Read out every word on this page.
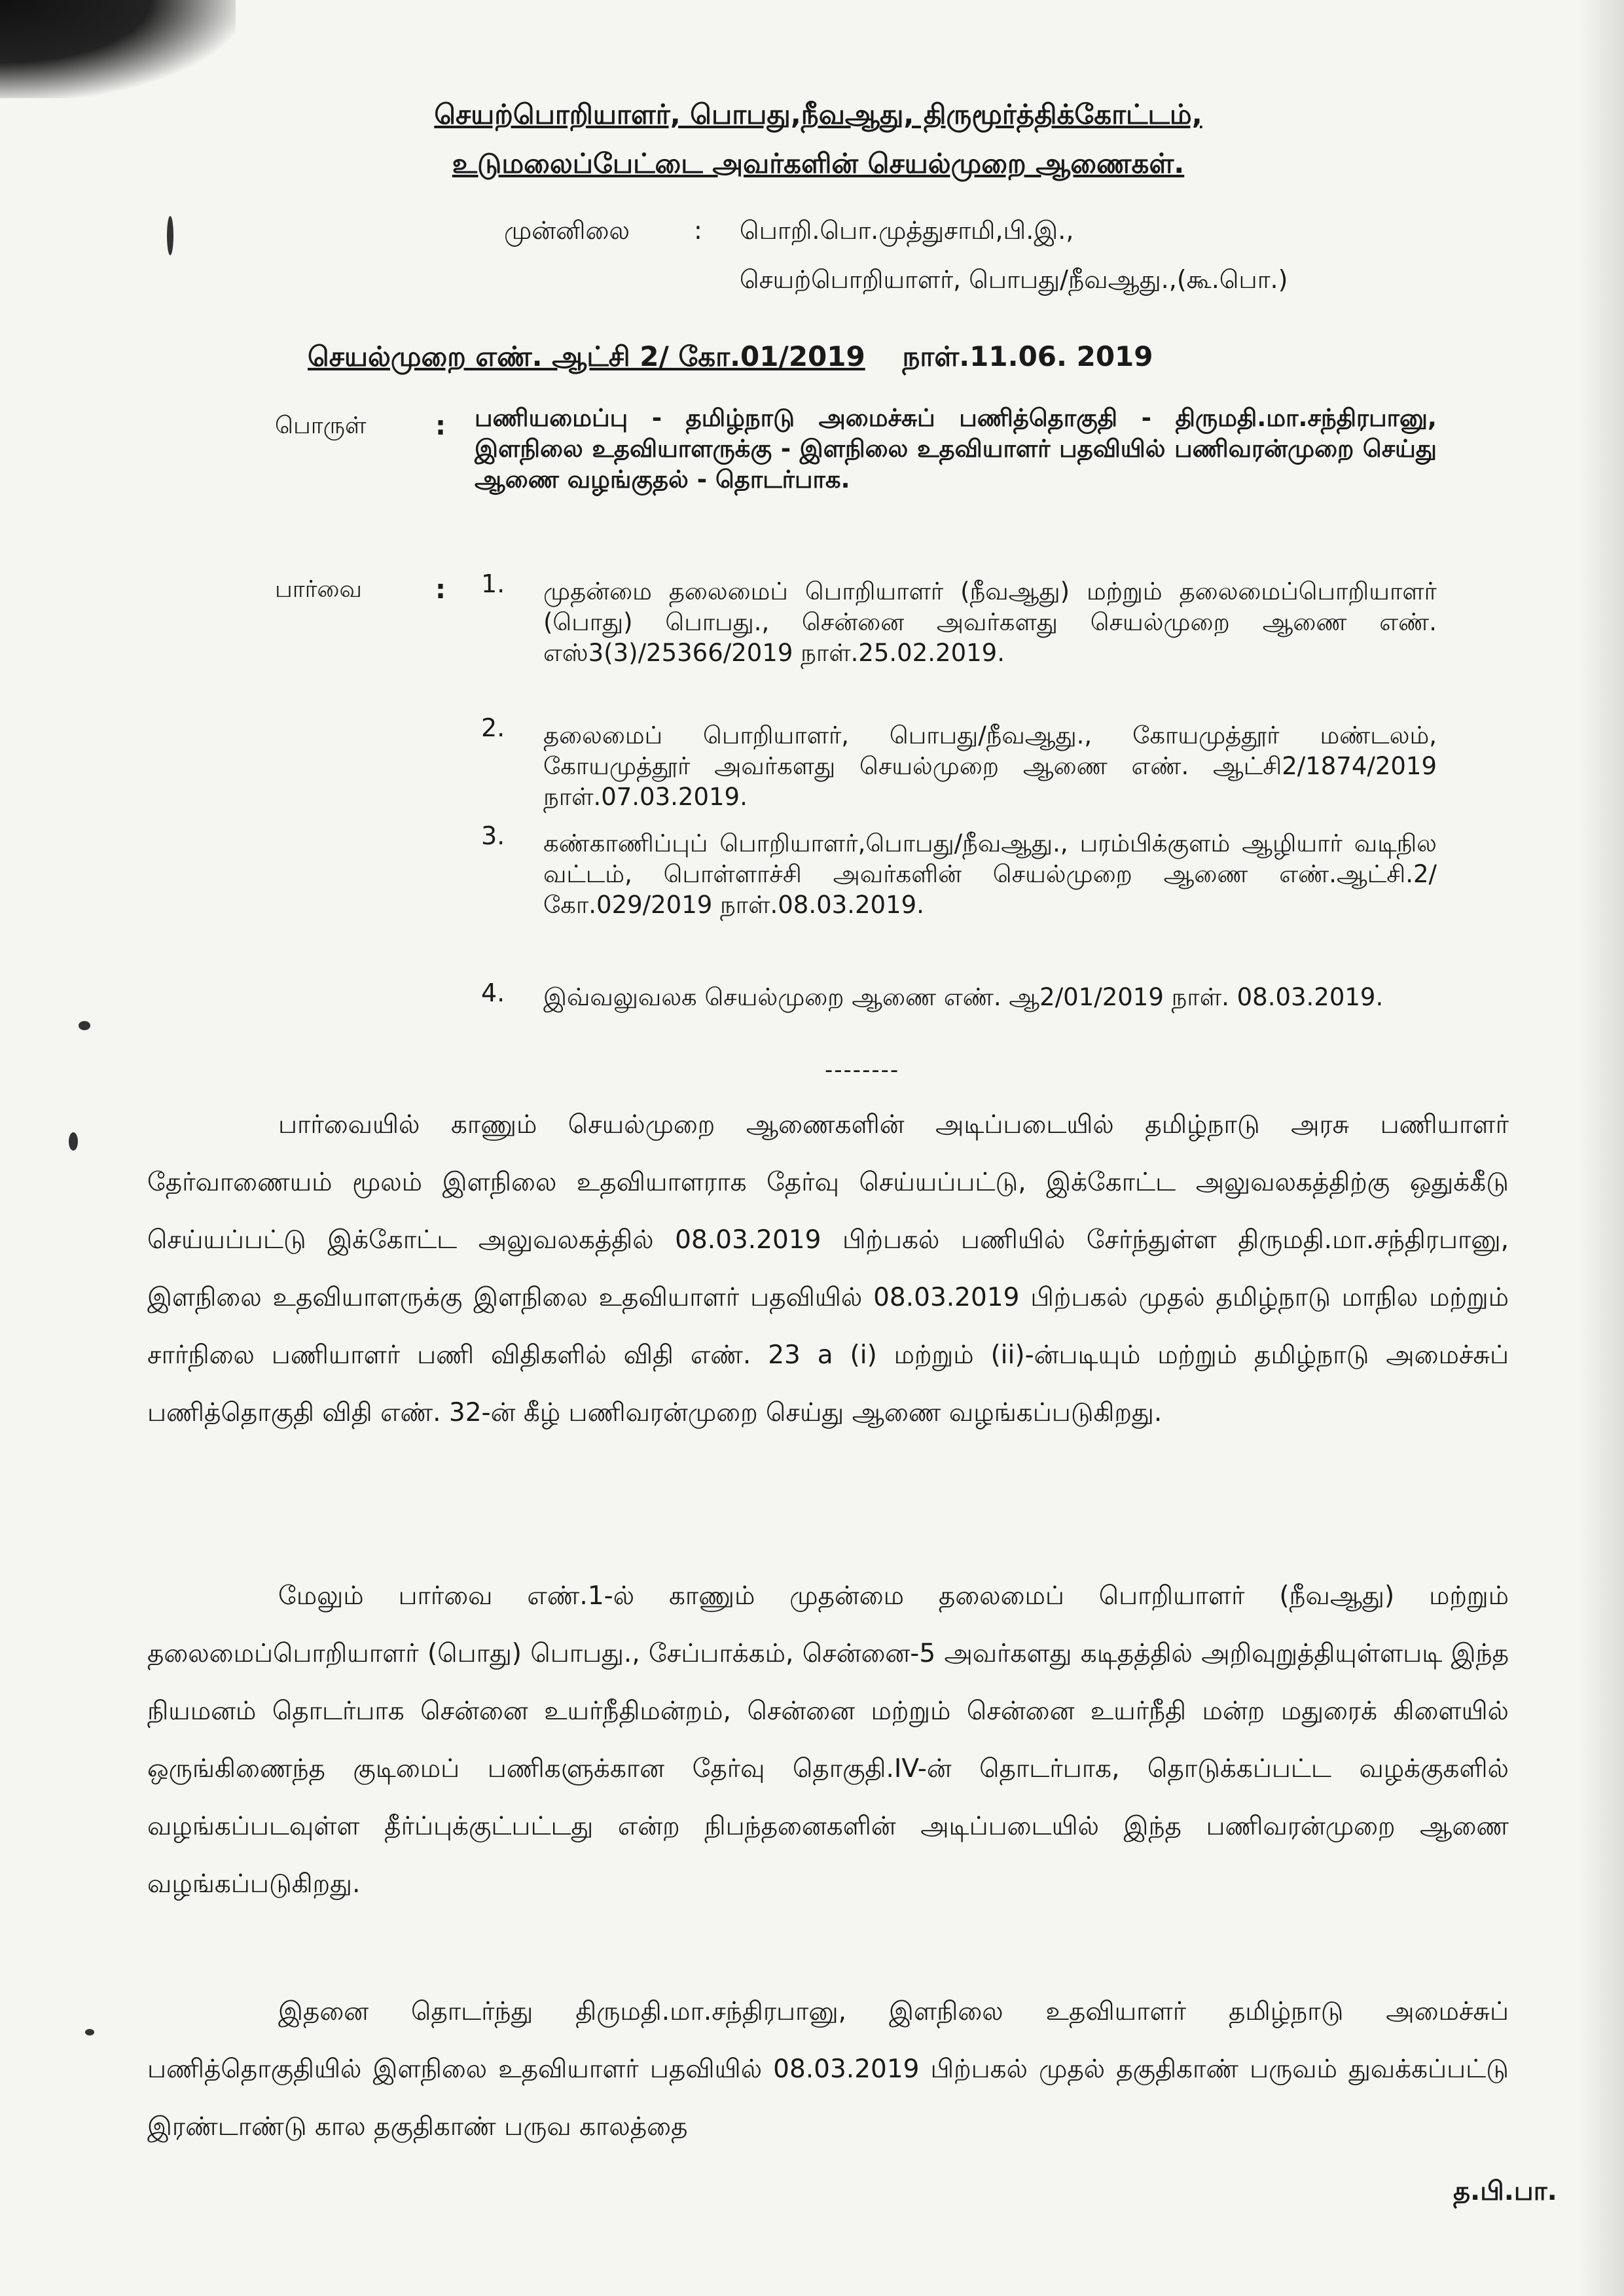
செயற்பொறியாளர், பொபது,நீவஆது, திருமூர்த்திக்கோட்டம்,
உடுமலைப்பேட்டை அவர்களின் செயல்முறை ஆணைகள்.
முன்னிலை	: பொறி.பொ.முத்துசாமி,பி.இ.,
செயற்பொறியாளர், பொபது/நீவஆது.,(கூ.பொ.)
செயல்முறை எண். ஆட்சி 2/ கோ.01/2019 நாள்.11.06. 2019
பொருள்	: பணியமைப்பு - தமிழ்நாடு அமைச்சுப் பணித்தொகுதி - திருமதி.மா.சந்திரபானு, இளநிலை உதவியாளருக்கு - இளநிலை உதவியாளர் பதவியில் பணிவரன்முறை செய்து ஆணை வழங்குதல் - தொடர்பாக.
பார்வை	: 1. முதன்மை தலைமைப் பொறியாளர் (நீவஆது) மற்றும் தலைமைப்பொறியாளர் (பொது) பொபது., சென்னை அவர்களது செயல்முறை ஆணை எண். எஸ்3(3)/25366/2019 நாள்.25.02.2019.
2. தலைமைப் பொறியாளர், பொபது/நீவஆது., கோயமுத்தூர் மண்டலம், கோயமுத்தூர் அவர்களது செயல்முறை ஆணை எண். ஆட்சி2/1874/2019 நாள்.07.03.2019.
3. கண்காணிப்புப் பொறியாளர்,பொபது/நீவஆது., பரம்பிக்குளம் ஆழியார் வடிநில வட்டம், பொள்ளாச்சி அவர்களின் செயல்முறை ஆணை எண்.ஆட்சி.2/கோ.029/2019 நாள்.08.03.2019.
4. இவ்வலுவலக செயல்முறை ஆணை எண். ஆ2/01/2019 நாள். 08.03.2019.
--------
பார்வையில் காணும் செயல்முறை ஆணைகளின் அடிப்படையில் தமிழ்நாடு அரசு பணியாளர் தேர்வாணையம் மூலம் இளநிலை உதவியாளராக தேர்வு செய்யப்பட்டு, இக்கோட்ட அலுவலகத்திற்கு ஒதுக்கீடு செய்யப்பட்டு இக்கோட்ட அலுவலகத்தில் 08.03.2019 பிற்பகல் பணியில் சேர்ந்துள்ள திருமதி.மா.சந்திரபானு, இளநிலை உதவியாளருக்கு இளநிலை உதவியாளர் பதவியில் 08.03.2019 பிற்பகல் முதல் தமிழ்நாடு மாநில மற்றும் சார்நிலை பணியாளர் பணி விதிகளில் விதி எண். 23 a (i) மற்றும் (ii)-ன்படியும் மற்றும் தமிழ்நாடு அமைச்சுப் பணித்தொகுதி விதி எண். 32-ன் கீழ் பணிவரன்முறை செய்து ஆணை வழங்கப்படுகிறது.
மேலும் பார்வை எண்.1-ல் காணும் முதன்மை தலைமைப் பொறியாளர் (நீவஆது) மற்றும் தலைமைப்பொறியாளர் (பொது) பொபது., சேப்பாக்கம், சென்னை-5 அவர்களது கடிதத்தில் அறிவுறுத்தியுள்ளபடி இந்த நியமனம் தொடர்பாக சென்னை உயர்நீதிமன்றம், சென்னை மற்றும் சென்னை உயர்நீதி மன்ற மதுரைக் கிளையில் ஒருங்கிணைந்த குடிமைப் பணிகளுக்கான தேர்வு தொகுதி.IV-ன் தொடர்பாக, தொடுக்கப்பட்ட வழக்குகளில் வழங்கப்படவுள்ள தீர்ப்புக்குட்பட்டது என்ற நிபந்தனைகளின் அடிப்படையில் இந்த பணிவரன்முறை ஆணை வழங்கப்படுகிறது.
இதனை தொடர்ந்து திருமதி.மா.சந்திரபானு, இளநிலை உதவியாளர் தமிழ்நாடு அமைச்சுப் பணித்தொகுதியில் இளநிலை உதவியாளர் பதவியில் 08.03.2019 பிற்பகல் முதல் தகுதிகாண் பருவம் துவக்கப்பட்டு இரண்டாண்டு கால தகுதிகாண் பருவ காலத்தை
த.பி.பா.
